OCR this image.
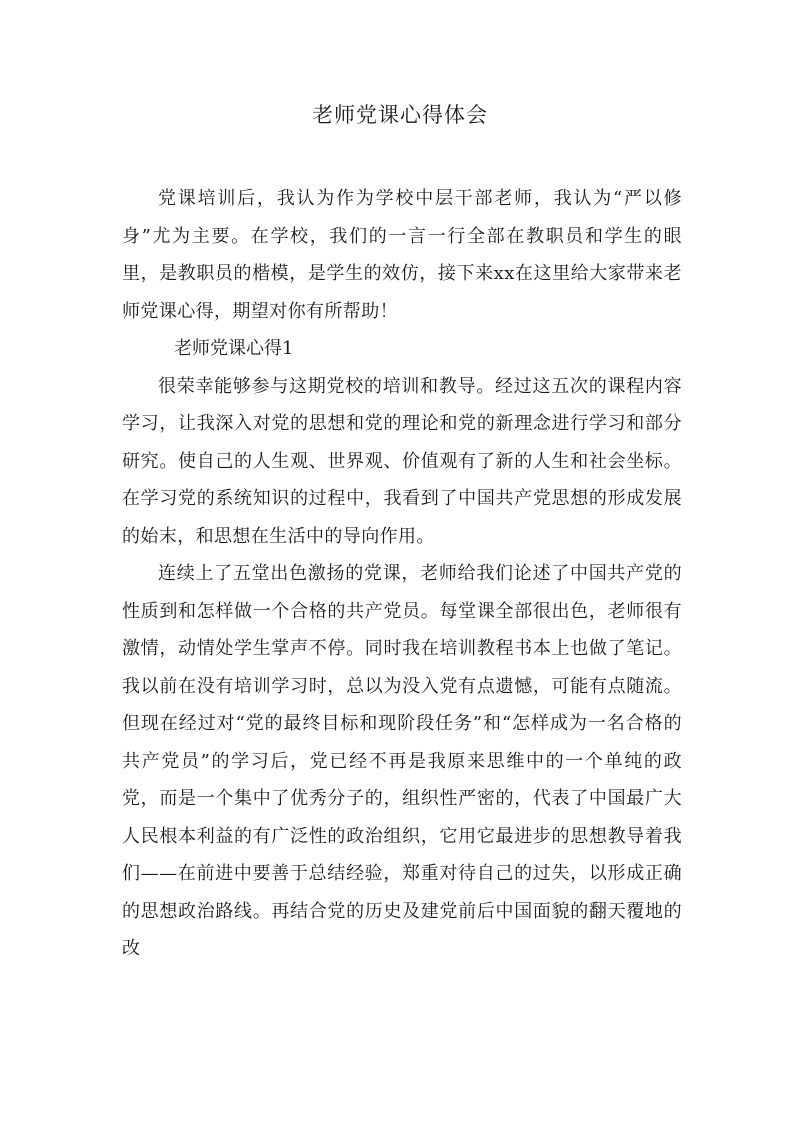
老师党课心得体会

党课培训后，我认为作为学校中层干部老师，我认为“严以修身”尤为主要。在学校，我们的一言一行全部在教职员和学生的眼里，是教职员的楷模，是学生的效仿，接下来xx在这里给大家带来老师党课心得，期望对你有所帮助！

老师党课心得1

很荣幸能够参与这期党校的培训和教导。经过这五次的课程内容学习，让我深入对党的思想和党的理论和党的新理念进行学习和部分研究。使自己的人生观、世界观、价值观有了新的人生和社会坐标。在学习党的系统知识的过程中，我看到了中国共产党思想的形成发展的始末，和思想在生活中的导向作用。

连续上了五堂出色激扬的党课，老师给我们论述了中国共产党的性质到和怎样做一个合格的共产党员。每堂课全部很出色，老师很有激情，动情处学生掌声不停。同时我在培训教程书本上也做了笔记。我以前在没有培训学习时，总以为没入党有点遗憾，可能有点随流。但现在经过对“党的最终目标和现阶段任务”和“怎样成为一名合格的共产党员”的学习后，党已经不再是我原来思维中的一个单纯的政党，而是一个集中了优秀分子的，组织性严密的，代表了中国最广大人民根本利益的有广泛性的政治组织，它用它最进步的思想教导着我们——在前进中要善于总结经验，郑重对待自己的过失，以形成正确的思想政治路线。再结合党的历史及建党前后中国面貌的翻天覆地的改
